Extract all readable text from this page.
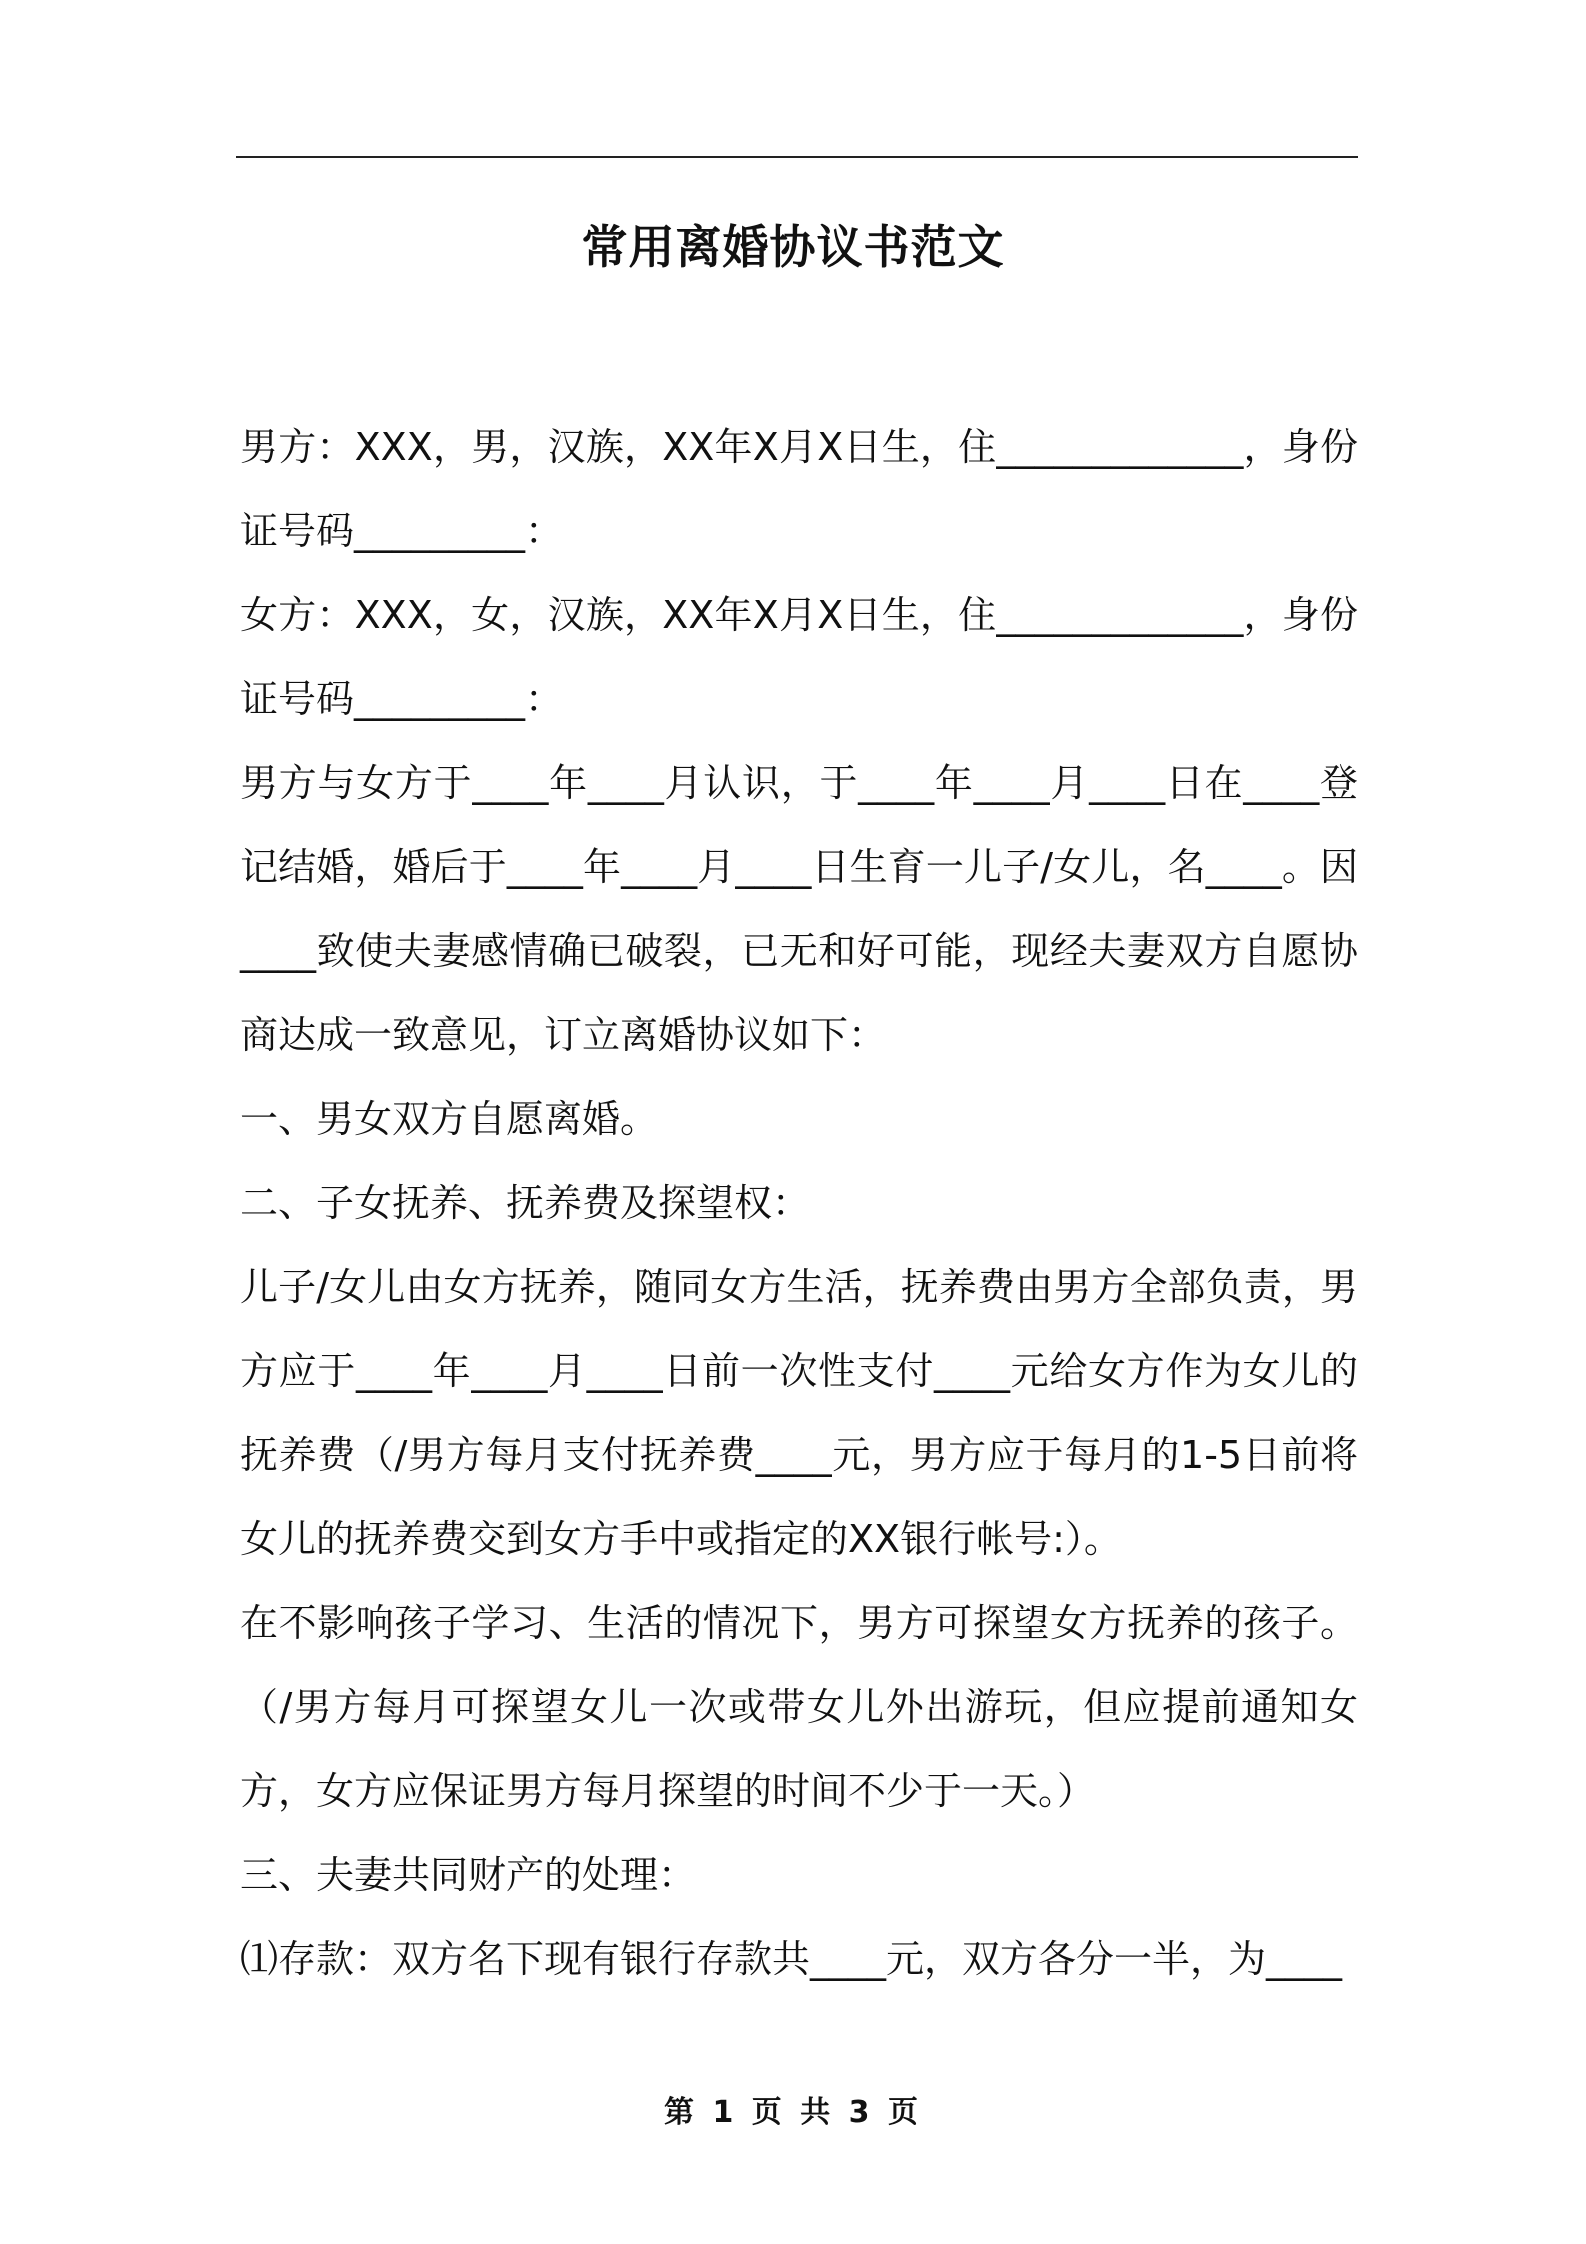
常用离婚协议书范文

男方：XXX，男，汉族，XX年X月X日生，住_____________，身份证号码_________：

女方：XXX，女，汉族，XX年X月X日生，住_____________，身份证号码_________：

男方与女方于____年____月认识，于____年____月____日在____登记结婚，婚后于____年____月____日生育一儿子/女儿，名____。因____致使夫妻感情确已破裂，已无和好可能，现经夫妻双方自愿协商达成一致意见，订立离婚协议如下：

一、男女双方自愿离婚。

二、子女抚养、抚养费及探望权：

儿子/女儿由女方抚养，随同女方生活，抚养费由男方全部负责，男方应于____年____月____日前一次性支付____元给女方作为女儿的抚养费（/男方每月支付抚养费____元，男方应于每月的1-5日前将女儿的抚养费交到女方手中或指定的XX银行帐号:）。

在不影响孩子学习、生活的情况下，男方可探望女方抚养的孩子。（/男方每月可探望女儿一次或带女儿外出游玩，但应提前通知女方，女方应保证男方每月探望的时间不少于一天。）

三、夫妻共同财产的处理：

⑴存款：双方名下现有银行存款共____元，双方各分一半，为____

第 1 页 共 3 页
